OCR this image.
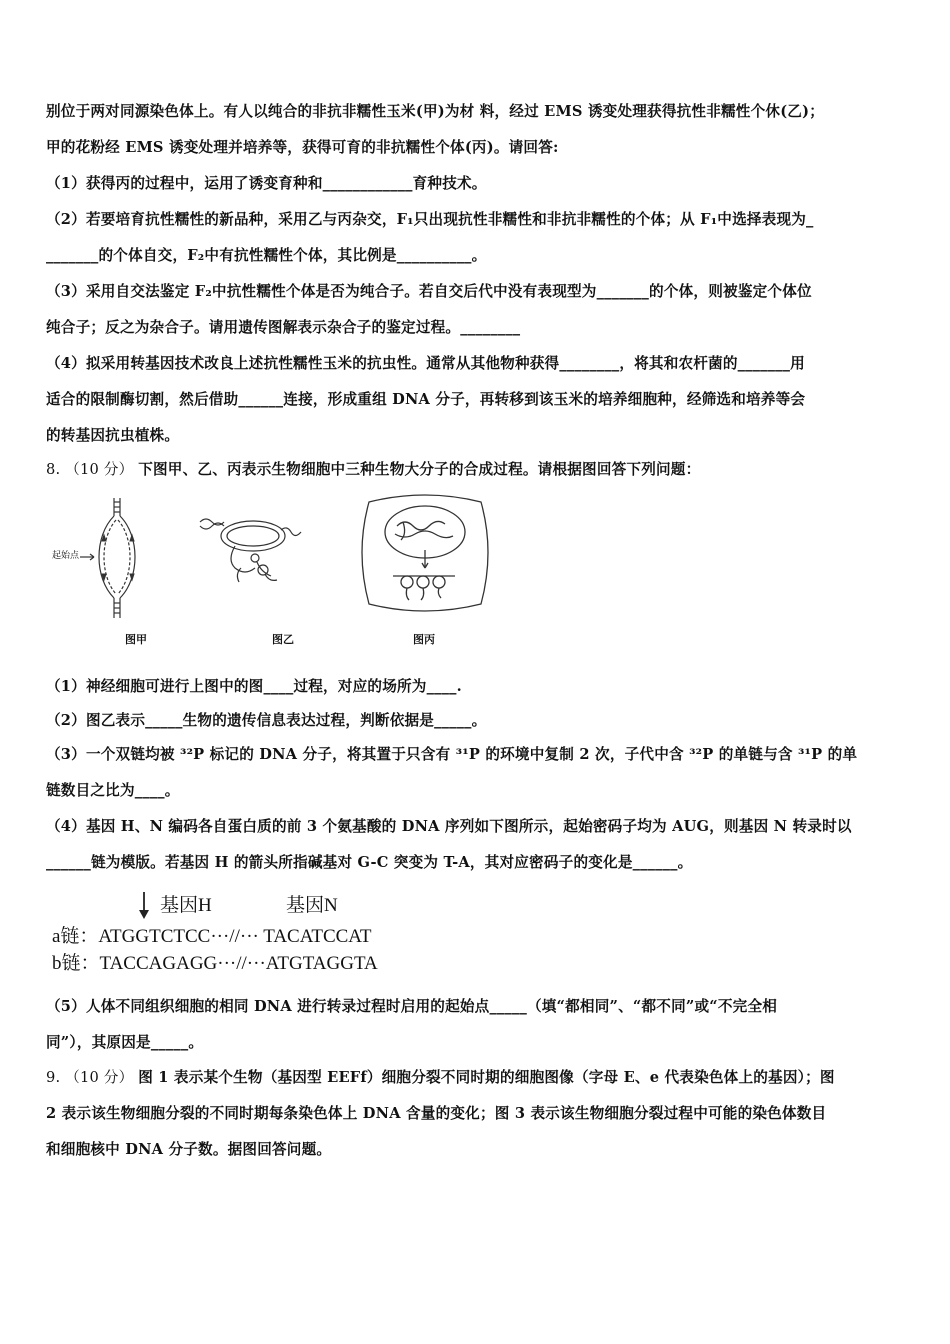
别位于两对同源染色体上。有人以纯合的非抗非糯性玉米(甲)为材 料，经过 EMS 诱变处理获得抗性非糯性个休(乙)；
甲的花粉经 EMS 诱变处理并培养等，获得可育的非抗糯性个体(丙)。请回答:
（1）获得丙的过程中，运用了诱变育种和____________育种技术。
（2）若要培育抗性糯性的新品种，采用乙与丙杂交，F₁只出现抗性非糯性和非抗非糯性的个体；从 F₁中选择表现为_
_______的个体自交，F₂中有抗性糯性个体，其比例是__________。
（3）采用自交法鉴定 F₂中抗性糯性个体是否为纯合子。若自交后代中没有表现型为_______的个体，则被鉴定个体位
纯合子；反之为杂合子。请用遗传图解表示杂合子的鉴定过程。________
（4）拟采用转基因技术改良上述抗性糯性玉米的抗虫性。通常从其他物种获得________，将其和农杆菌的_______用
适合的限制酶切割，然后借助______连接，形成重组 DNA 分子，再转移到该玉米的培养细胞种，经筛选和培养等会
的转基因抗虫植株。
8. （10 分） 下图甲、乙、丙表示生物细胞中三种生物大分子的合成过程。请根据图回答下列问题：
起始点
图甲	图乙	图丙
（1）神经细胞可进行上图中的图____过程，对应的场所为____.
（2）图乙表示_____生物的遗传信息表达过程，判断依据是_____。
（3）一个双链均被 ³²P 标记的 DNA 分子，将其置于只含有 ³¹P 的环境中复制 2 次，子代中含 ³²P 的单链与含 ³¹P 的单
链数目之比为____。
（4）基因 H、N 编码各自蛋白质的前 3 个氨基酸的 DNA 序列如下图所示，起始密码子均为 AUG，则基因 N 转录时以
______链为模版。若基因 H 的箭头所指碱基对 G-C 突变为 T-A，其对应密码子的变化是______。
基因H	基因N
a链：ATGGTCTCC···//··· TACATCCAT
b链：TACCAGAGG···//···ATGTAGGTA
（5）人体不同组织细胞的相同 DNA 进行转录过程时启用的起始点_____（填“都相同”、“都不同”或“不完全相
同”），其原因是_____。
9. （10 分） 图 1 表示某个生物（基因型 EEFf）细胞分裂不同时期的细胞图像（字母 E、e 代表染色体上的基因）；图
2 表示该生物细胞分裂的不同时期每条染色体上 DNA 含量的变化；图 3 表示该生物细胞分裂过程中可能的染色体数目
和细胞核中 DNA 分子数。据图回答问题。
